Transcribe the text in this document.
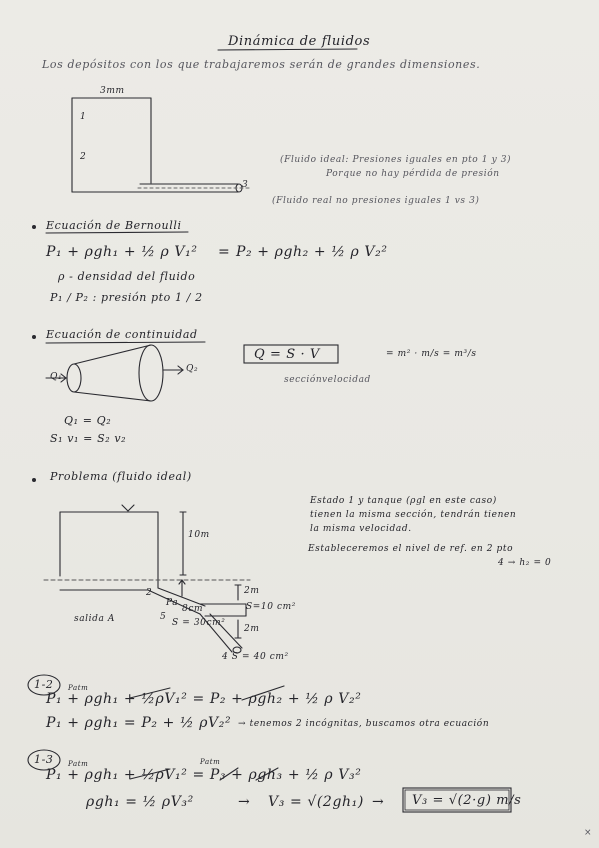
Dinámica de fluidos
Los depósitos con los que trabajaremos serán de grandes dimensiones.
3mm
1
2
3
(Fluido ideal: Presiones iguales en pto 1 y 3)
Porque no hay pérdida de presión
(Fluido real no presiones iguales 1 vs 3)
Ecuación de Bernoulli
P₁ + ρgh₁ + ½ ρ V₁² = P₂ + ρgh₂ + ½ ρ V₂²
ρ - densidad del fluido
P₁ / P₂ : presión pto 1 / 2
Ecuación de continuidad
Q₁
Q₂
Q = S · V	= m² · m/s = m³/s
sección velocidad
Q₁ = Q₂
S₁ v₁ = S₂ v₂
Problema (fluido ideal)
10m
2
Pa
8cm
5
S = 30cm²
salida A
S=10 cm²
2m
2m
4 S = 40 cm²
Estado 1 y tanque (ρgl en este caso)
tienen la misma sección, tendrán tienen
la misma velocidad.
Estableceremos el nivel de ref. en 2 pto
4 → h₂ = 0
1-2 Patm
P₁ + ρgh₁ + ½ρV₁² = P₂ + ρgh₂ + ½ ρ V₂²
P₁ + ρgh₁ = P₂ + ½ ρV₂² → tenemos 2 incógnitas, buscamos otra ecuación
1-3 Patm	Patm
P₁ + ρgh₁ + ½ρV₁² = P₃ + ρgh₃ + ½ ρ V₃²
ρgh₁ = ½ ρV₃²	→ V₃ = √(2gh₁) → V₃ = √(2·g) m/s
×
